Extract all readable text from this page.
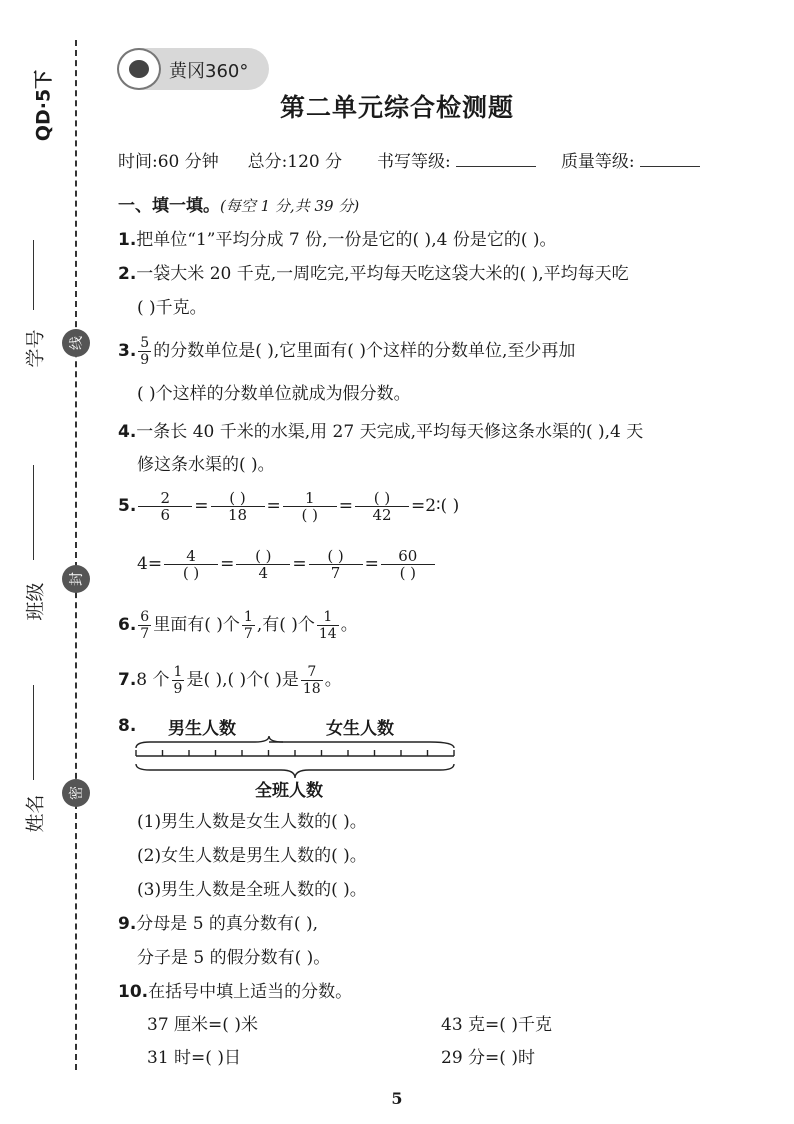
QD·5下
学号
班级
姓名
线
封
密
黄冈360°
第二单元综合检测题
时间:60 分钟 总分:120 分 书写等级:	质量等级:
一、填一填。(每空 1 分,共 39 分)
1.把单位“1”平均分成 7 份,一份是它的( ),4 份是它的( )。
2.一袋大米 20 千克,一周吃完,平均每天吃这袋大米的( ),平均每天吃
( )千克。
3. $\frac{5}{9}$ 的分数单位是( ),它里面有( )个这样的分数单位,至少再加
( )个这样的分数单位就成为假分数。
4.一条长 40 千米的水渠,用 27 天完成,平均每天修这条水渠的( ),4 天
修这条水渠的( )。
5. $\frac{2}{6} = \frac{( )}{18} = \frac{1}{( )} = \frac{( )}{42}$ =2∶( )
$4= \frac{4}{( )} = \frac{( )}{4} = \frac{( )}{7} = \frac{60}{( )}$
6. $\frac{6}{7}$ 里面有( )个 $\frac{1}{7}$ ,有( )个 $\frac{1}{14}$ 。
7.8 个 $\frac{1}{9}$ 是( ),( )个( )是 $\frac{7}{18}$ 。
8. 男生人数	女生人数
全班人数
(1)男生人数是女生人数的( )。
(2)女生人数是男生人数的( )。
(3)男生人数是全班人数的( )。
9.分母是 5 的真分数有( ),
分子是 5 的假分数有( )。
10.在括号中填上适当的分数。
37 厘米=( )米	43 克=( )千克
31 时=( )日	29 分=( )时
5
